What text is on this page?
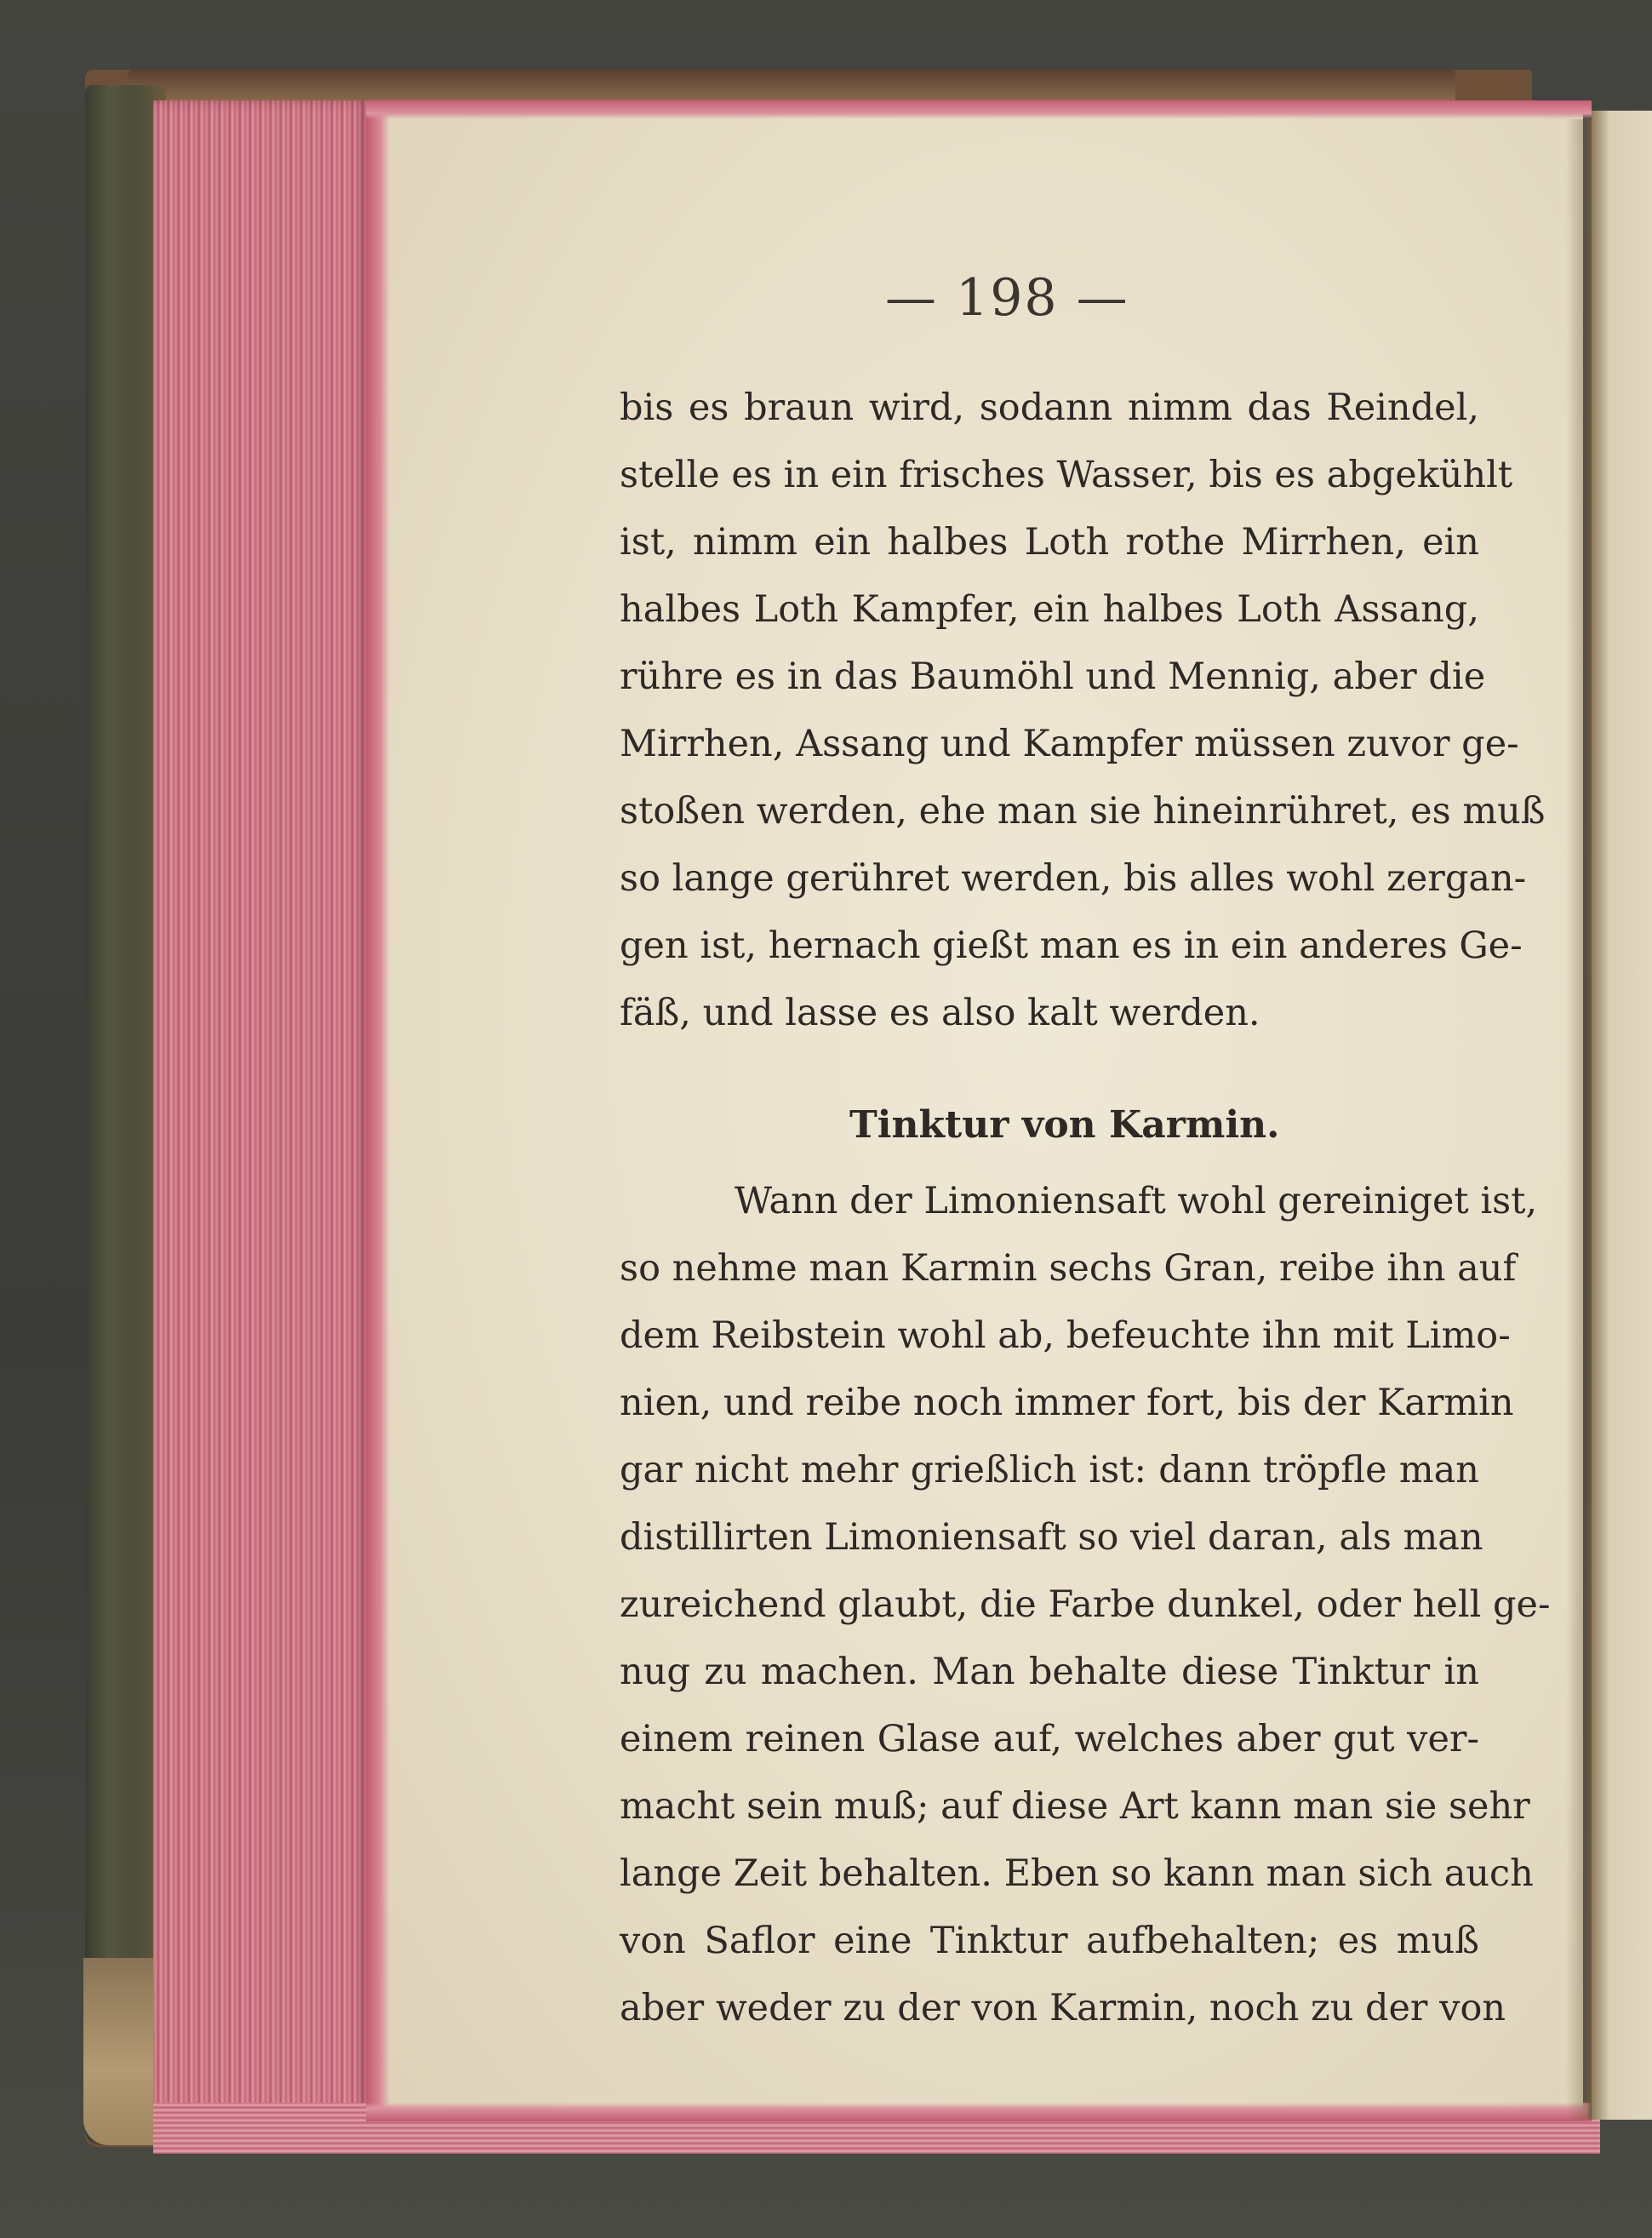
— 198 —
bis es braun wird, sodann nimm das Reindel,
stelle es in ein frisches Wasser, bis es abgekühlt
ist, nimm ein halbes Loth rothe Mirrhen, ein
halbes Loth Kampfer, ein halbes Loth Assang,
rühre es in das Baumöhl und Mennig, aber die
Mirrhen, Assang und Kampfer müssen zuvor ge-
stoßen werden, ehe man sie hineinrühret, es muß
so lange gerühret werden, bis alles wohl zergan-
gen ist, hernach gießt man es in ein anderes Ge-
fäß, und lasse es also kalt werden.
Tinktur von Karmin.
Wann der Limoniensaft wohl gereiniget ist,
so nehme man Karmin sechs Gran, reibe ihn auf
dem Reibstein wohl ab, befeuchte ihn mit Limo-
nien, und reibe noch immer fort, bis der Karmin
gar nicht mehr grießlich ist: dann tröpfle man
distillirten Limoniensaft so viel daran, als man
zureichend glaubt, die Farbe dunkel, oder hell ge-
nug zu machen. Man behalte diese Tinktur in
einem reinen Glase auf, welches aber gut ver-
macht sein muß; auf diese Art kann man sie sehr
lange Zeit behalten. Eben so kann man sich auch
von Saflor eine Tinktur aufbehalten; es muß
aber weder zu der von Karmin, noch zu der von
